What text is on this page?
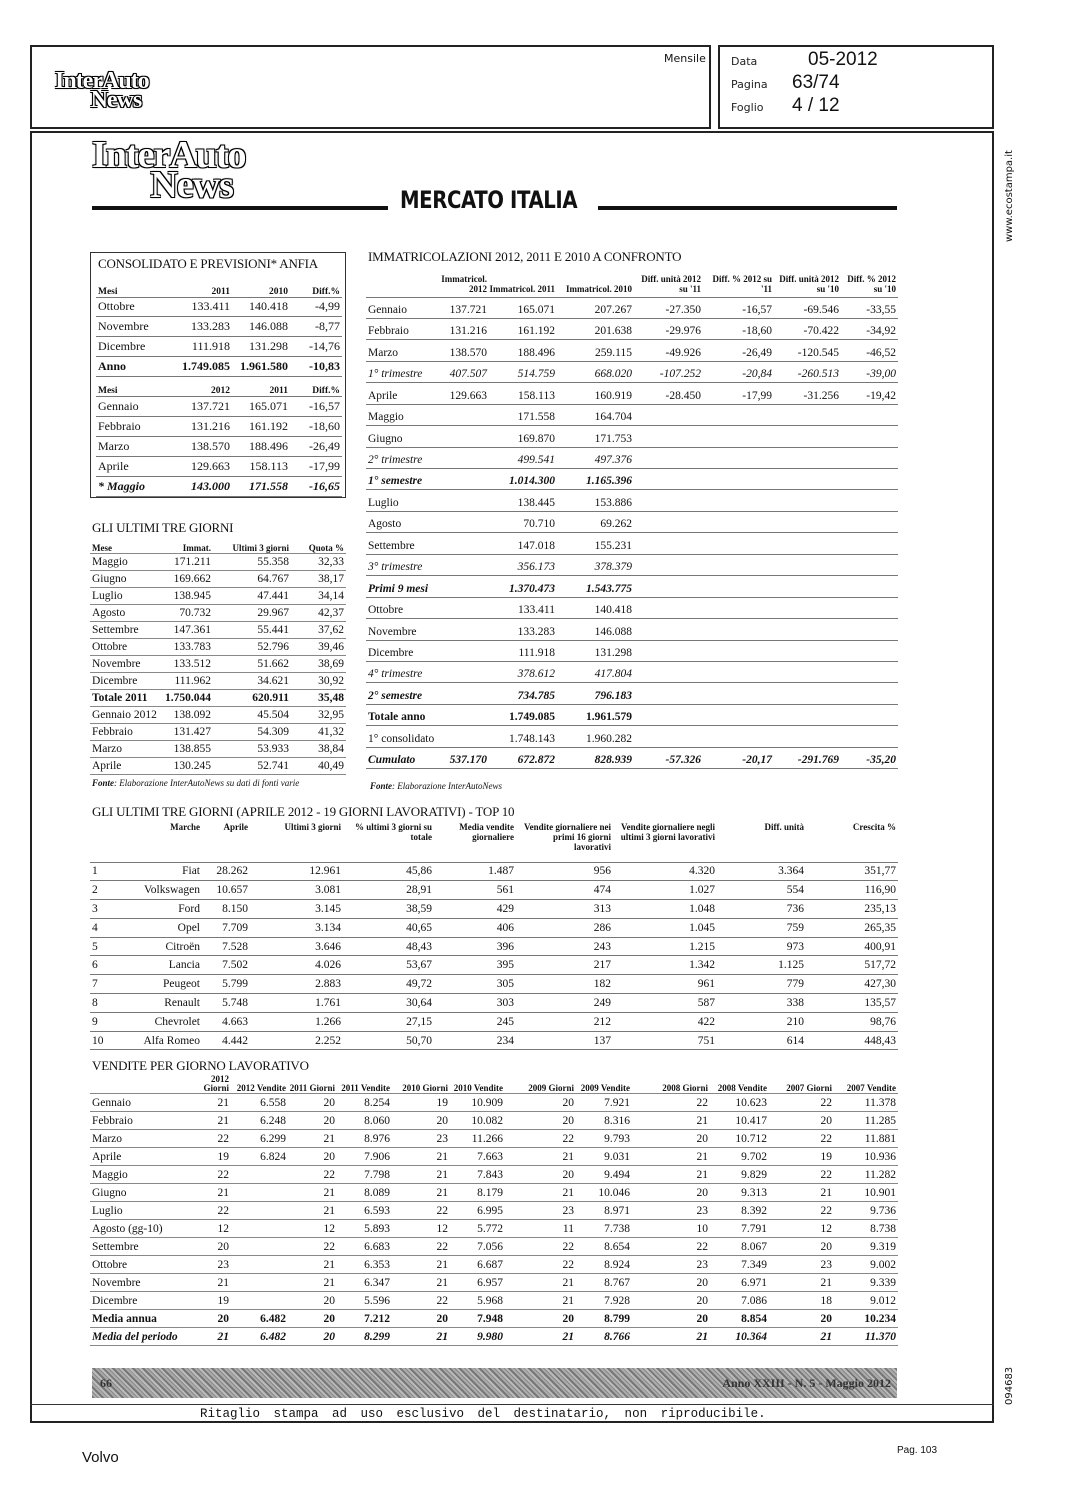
InterAuto
News
Mensile Data	05-2012
Pagina 63/74
Foglio 4 / 12
www.ecostampa.it
094683
InterAuto
News	MERCATO ITALIA
CONSOLIDATO E PREVISIONI* ANFIA
Mesi	2011	2010	Diff.%
Ottobre	133.411	140.418	-4,99
Novembre	133.283	146.088	-8,77
Dicembre	111.918	131.298	-14,76
Anno	1.749.085	1.961.580	-10,83
Mesi	2012	2011	Diff.%
Gennaio	137.721	165.071	-16,57
Febbraio	131.216	161.192	-18,60
Marzo	138.570	188.496	-26,49
Aprile	129.663	158.113	-17,99
* Maggio	143.000	171.558	-16,65
GLI ULTIMI TRE GIORNI
Mese	Immat.	Ultimi 3 giorni	Quota %
Maggio	171.211	55.358	32,33
Giugno	169.662	64.767	38,17
Luglio	138.945	47.441	34,14
Agosto	70.732	29.967	42,37
Settembre	147.361	55.441	37,62
Ottobre	133.783	52.796	39,46
Novembre	133.512	51.662	38,69
Dicembre	111.962	34.621	30,92
Totale 2011	1.750.044	620.911	35,48
Gennaio 2012	138.092	45.504	32,95
Febbraio	131.427	54.309	41,32
Marzo	138.855	53.933	38,84
Aprile	130.245	52.741	40,49
Fonte: Elaborazione InterAutoNews su dati di fonti varie
IMMATRICOLAZIONI 2012, 2011 E 2010 A CONFRONTO
	Immatricol. 2012	Immatricol. 2011	Immatricol. 2010	Diff. unità 2012 su '11	Diff. % 2012 su '11	Diff. unità 2012 su '10	Diff. % 2012 su '10
Gennaio	137.721	165.071	207.267	-27.350	-16,57	-69.546	-33,55
Febbraio	131.216	161.192	201.638	-29.976	-18,60	-70.422	-34,92
Marzo	138.570	188.496	259.115	-49.926	-26,49	-120.545	-46,52
1° trimestre	407.507	514.759	668.020	-107.252	-20,84	-260.513	-39,00
Aprile	129.663	158.113	160.919	-28.450	-17,99	-31.256	-19,42
Maggio		171.558	164.704				
Giugno		169.870	171.753				
2° trimestre		499.541	497.376				
1° semestre		1.014.300	1.165.396				
Luglio		138.445	153.886				
Agosto		70.710	69.262				
Settembre		147.018	155.231				
3° trimestre		356.173	378.379				
Primi 9 mesi		1.370.473	1.543.775				
Ottobre		133.411	140.418				
Novembre		133.283	146.088				
Dicembre		111.918	131.298				
4° trimestre		378.612	417.804				
2° semestre		734.785	796.183				
Totale anno		1.749.085	1.961.579				
1° consolidato		1.748.143	1.960.282				
Cumulato	537.170	672.872	828.939	-57.326	-20,17	-291.769	-35,20
Fonte: Elaborazione InterAutoNews
GLI ULTIMI TRE GIORNI (APRILE 2012 - 19 GIORNI LAVORATIVI) - TOP 10
	Marche	Aprile	Ultimi 3 giorni	% ultimi 3 giorni su totale	Media vendite giornaliere	Vendite giornaliere nei primi 16 giorni lavorativi	Vendite giornaliere negli ultimi 3 giorni lavorativi	Diff. unità	Crescita %
1	Fiat	28.262	12.961	45,86	1.487	956	4.320	3.364	351,77
2	Volkswagen	10.657	3.081	28,91	561	474	1.027	554	116,90
3	Ford	8.150	3.145	38,59	429	313	1.048	736	235,13
4	Opel	7.709	3.134	40,65	406	286	1.045	759	265,35
5	Citroën	7.528	3.646	48,43	396	243	1.215	973	400,91
6	Lancia	7.502	4.026	53,67	395	217	1.342	1.125	517,72
7	Peugeot	5.799	2.883	49,72	305	182	961	779	427,30
8	Renault	5.748	1.761	30,64	303	249	587	338	135,57
9	Chevrolet	4.663	1.266	27,15	245	212	422	210	98,76
10	Alfa Romeo	4.442	2.252	50,70	234	137	751	614	448,43
VENDITE PER GIORNO LAVORATIVO
	2012 Giorni	2012 Vendite	2011 Giorni	2011 Vendite	2010 Giorni	2010 Vendite	2009 Giorni	2009 Vendite	2008 Giorni	2008 Vendite	2007 Giorni	2007 Vendite
Gennaio	21	6.558	20	8.254	19	10.909	20	7.921	22	10.623	22	11.378
Febbraio	21	6.248	20	8.060	20	10.082	20	8.316	21	10.417	20	11.285
Marzo	22	6.299	21	8.976	23	11.266	22	9.793	20	10.712	22	11.881
Aprile	19	6.824	20	7.906	21	7.663	21	9.031	21	9.702	19	10.936
Maggio	22		22	7.798	21	7.843	20	9.494	21	9.829	22	11.282
Giugno	21		21	8.089	21	8.179	21	10.046	20	9.313	21	10.901
Luglio	22		21	6.593	22	6.995	23	8.971	23	8.392	22	9.736
Agosto (gg-10)	12		12	5.893	12	5.772	11	7.738	10	7.791	12	8.738
Settembre	20		22	6.683	22	7.056	22	8.654	22	8.067	20	9.319
Ottobre	23		21	6.353	21	6.687	22	8.924	23	7.349	23	9.002
Novembre	21		21	6.347	21	6.957	21	8.767	20	6.971	21	9.339
Dicembre	19		20	5.596	22	5.968	21	7.928	20	7.086	18	9.012
Media annua	20	6.482	20	7.212	20	7.948	20	8.799	20	8.854	20	10.234
Media del periodo	21	6.482	20	8.299	21	9.980	21	8.766	21	10.364	21	11.370
66	Anno XXIII - N. 5 - Maggio 2012
Ritaglio stampa ad uso esclusivo del destinatario, non riproducibile.
Volvo	Pag. 103
